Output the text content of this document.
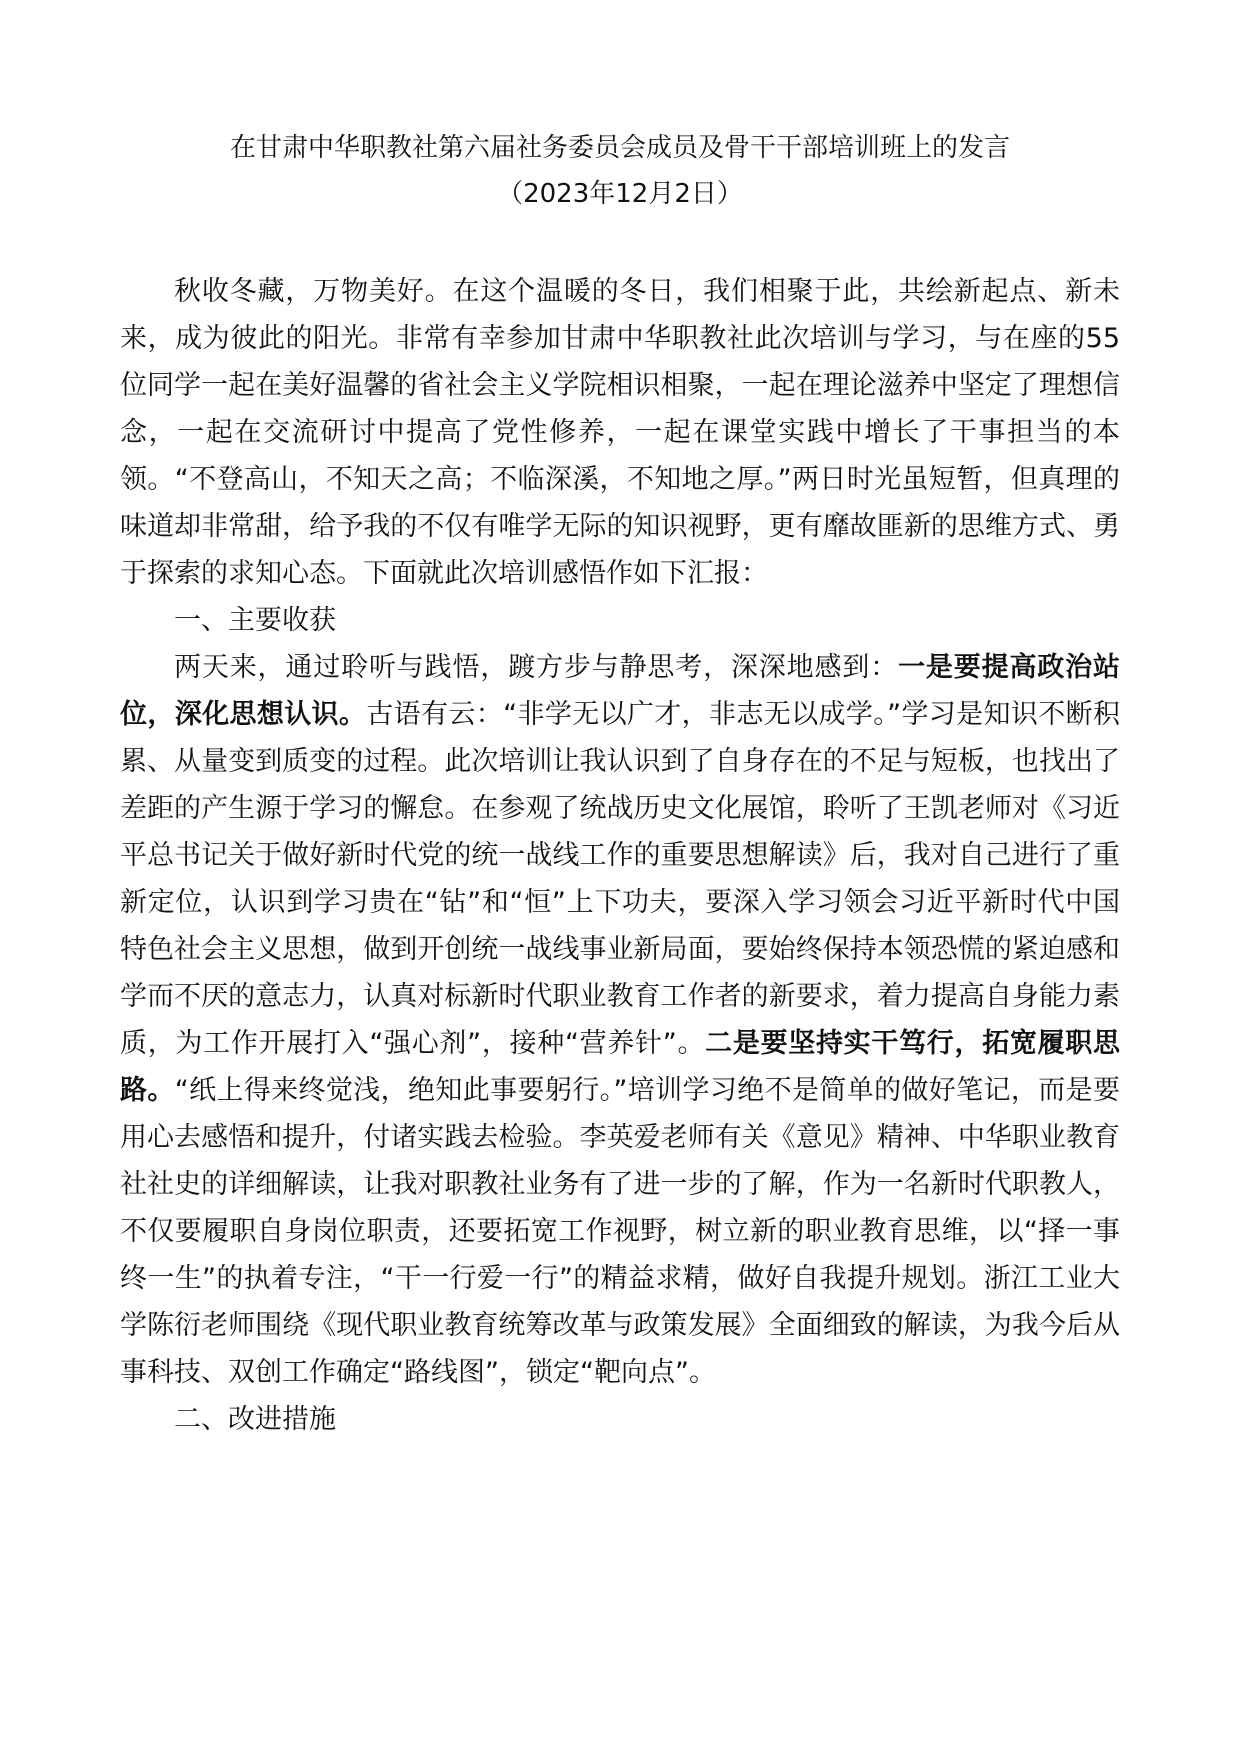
在甘肃中华职教社第六届社务委员会成员及骨干干部培训班上的发言
（2023年12月2日）

秋收冬藏，万物美好。在这个温暖的冬日，我们相聚于此，共绘新起点、新未来，成为彼此的阳光。非常有幸参加甘肃中华职教社此次培训与学习，与在座的55位同学一起在美好温馨的省社会主义学院相识相聚，一起在理论滋养中坚定了理想信念，一起在交流研讨中提高了党性修养，一起在课堂实践中增长了干事担当的本领。“不登高山，不知天之高；不临深溪，不知地之厚。”两日时光虽短暂，但真理的味道却非常甜，给予我的不仅有唯学无际的知识视野，更有靡故匪新的思维方式、勇于探索的求知心态。下面就此次培训感悟作如下汇报：

一、主要收获

两天来，通过聆听与践悟，踱方步与静思考，深深地感到：一是要提高政治站位，深化思想认识。古语有云：“非学无以广才，非志无以成学。”学习是知识不断积累、从量变到质变的过程。此次培训让我认识到了自身存在的不足与短板，也找出了差距的产生源于学习的懈怠。在参观了统战历史文化展馆，聆听了王凯老师对《习近平总书记关于做好新时代党的统一战线工作的重要思想解读》后，我对自己进行了重新定位，认识到学习贵在“钻”和“恒”上下功夫，要深入学习领会习近平新时代中国特色社会主义思想，做到开创统一战线事业新局面，要始终保持本领恐慌的紧迫感和学而不厌的意志力，认真对标新时代职业教育工作者的新要求，着力提高自身能力素质，为工作开展打入“强心剂”，接种“营养针”。二是要坚持实干笃行，拓宽履职思路。“纸上得来终觉浅，绝知此事要躬行。”培训学习绝不是简单的做好笔记，而是要用心去感悟和提升，付诸实践去检验。李英爱老师有关《意见》精神、中华职业教育社社史的详细解读，让我对职教社业务有了进一步的了解，作为一名新时代职教人，不仅要履职自身岗位职责，还要拓宽工作视野，树立新的职业教育思维，以“择一事终一生”的执着专注，“干一行爱一行”的精益求精，做好自我提升规划。浙江工业大学陈衍老师围绕《现代职业教育统筹改革与政策发展》全面细致的解读，为我今后从事科技、双创工作确定“路线图”，锁定“靶向点”。

二、改进措施
